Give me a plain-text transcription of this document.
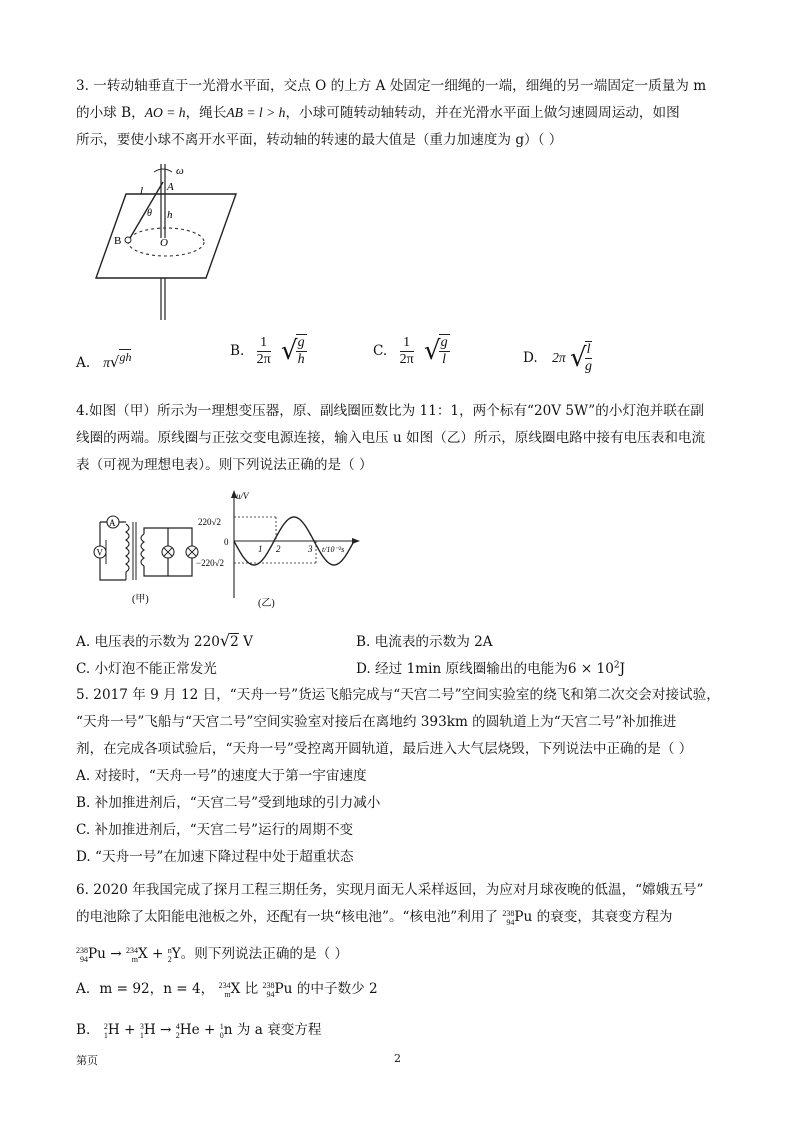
3. 一转动轴垂直于一光滑水平面，交点 O 的上方 A 处固定一细绳的一端，细绳的另一端固定一质量为 m
的小球 B，AO = h，绳长AB = l > h，小球可随转动轴转动，并在光滑水平面上做匀速圆周运动，如图
所示，要使小球不离开水平面，转动轴的转速的最大值是（重力加速度为 g）（ ）
ω
l A
θ h
B	O
A. π√gh	B. $\frac{1}{2\pi}$ √
$\frac{g}{h}$	C. $\frac{1}{2\pi}$ √
$\frac{g}{l}$	D. 2π √
$\frac{l}{g}$
4.如图（甲）所示为一理想变压器，原、副线圈匝数比为 11：1，两个标有“20V 5W”的小灯泡并联在副
线圈的两端。原线圈与正弦交变电源连接，输入电压 u 如图（乙）所示，原线圈电路中接有电压表和电流
表（可视为理想电表）。则下列说法正确的是（ ）
A
V
(甲)
u/V
220√2
−220√2
0
1 2	3 t/10⁻²s
(乙)
A. 电压表的示数为 220√2 V	B. 电流表的示数为 2A
C. 小灯泡不能正常发光	D. 经过 1min 原线圈输出的电能为$6 \times 10^2J$
5. 2017 年 9 月 12 日，“天舟一号”货运飞船完成与“天宫二号”空间实验室的绕飞和第二次交会对接试验，
“天舟一号”飞船与“天宫二号”空间实验室对接后在离地约 393km 的圆轨道上为“天宫二号”补加推进
剂，在完成各项试验后，“天舟一号”受控离开圆轨道，最后进入大气层烧毁，下列说法中正确的是（ ）
A. 对接时，“天舟一号”的速度大于第一宇宙速度
B. 补加推进剂后，“天宫二号”受到地球的引力减小
C. 补加推进剂后，“天宫二号”运行的周期不变
D. “天舟一号”在加速下降过程中处于超重状态
6. 2020 年我国完成了探月工程三期任务，实现月面无人采样返回，为应对月球夜晚的低温，“嫦娥五号”
的电池除了太阳能电池板之外，还配有一块“核电池”。“核电池”利用了 238
94 Pu 的衰变，其衰变方程为
238
94 Pu → 234
m X + n
2 Y。则下列说法正确的是（ ）
A．m = 92，n = 4， 234
m X 比 238
94 Pu 的中子数少 2
B． 2
1 H + 3
1 H → 4
2 He + 1
0 n 为 a 衰变方程
第页	2
